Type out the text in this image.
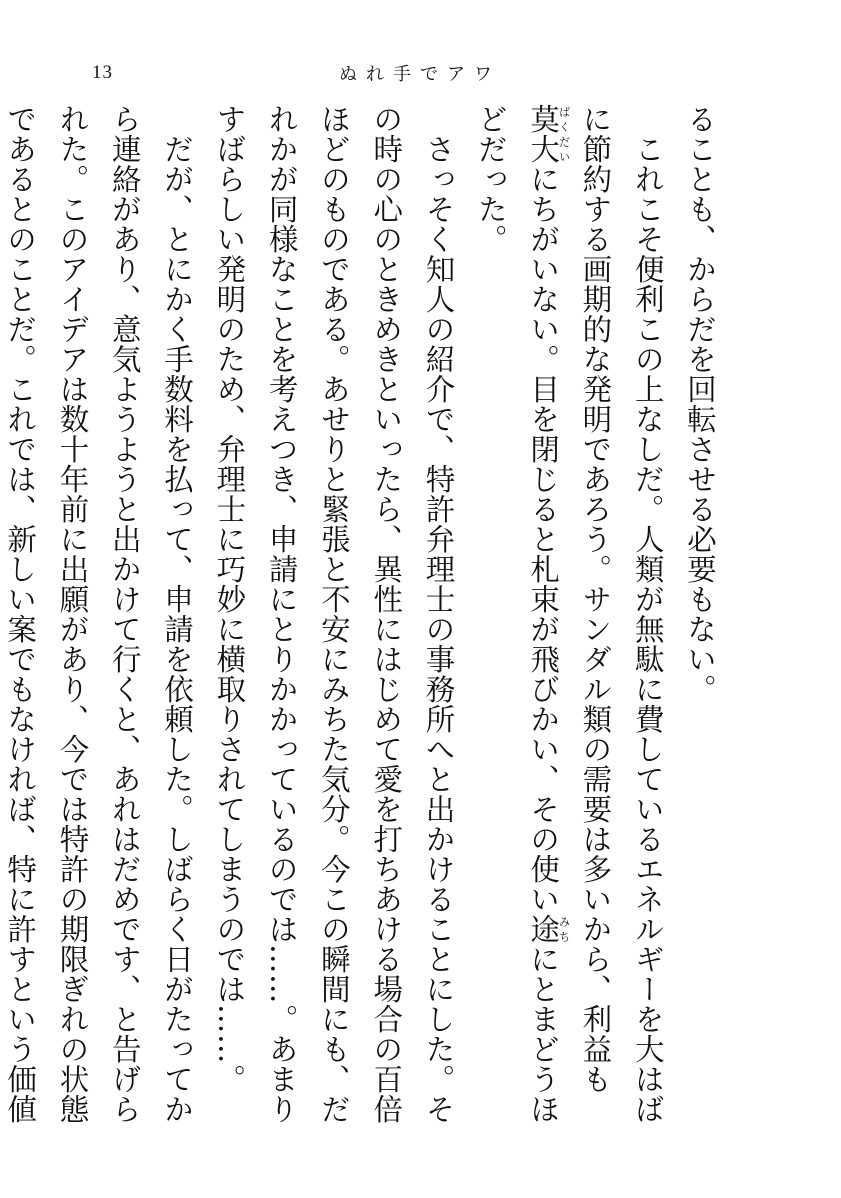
13	ぬれ手でアワ

ることも、からだを回転させる必要もない。

これこそ便利この上なしだ。人類が無駄に費しているエネルギーを大はばに節約する画期的な発明であろう。サンダル類の需要は多いから、利益も莫大ばくだいにちがいない。目を閉じると札束が飛びかい、その使い途みちにとまどうほどだった。

さっそく知人の紹介で、特許弁理士の事務所へと出かけることにした。その時の心のときめきといったら、異性にはじめて愛を打ちあける場合の百倍ほどのものである。あせりと緊張と不安にみちた気分。今この瞬間にも、だれかが同様なことを考えつき、申請にとりかかっているのでは……。あまりすばらしい発明のため、弁理士に巧妙に横取りされてしまうのでは……。

だが、とにかく手数料を払って、申請を依頼した。しばらく日がたってから連絡があり、意気ようようと出かけて行くと、あれはだめです、と告げられた。このアイデアは数十年前に出願があり、今では特許の期限ぎれの状態であるとのことだ。これでは、新しい案でもなければ、特に許すという価値
